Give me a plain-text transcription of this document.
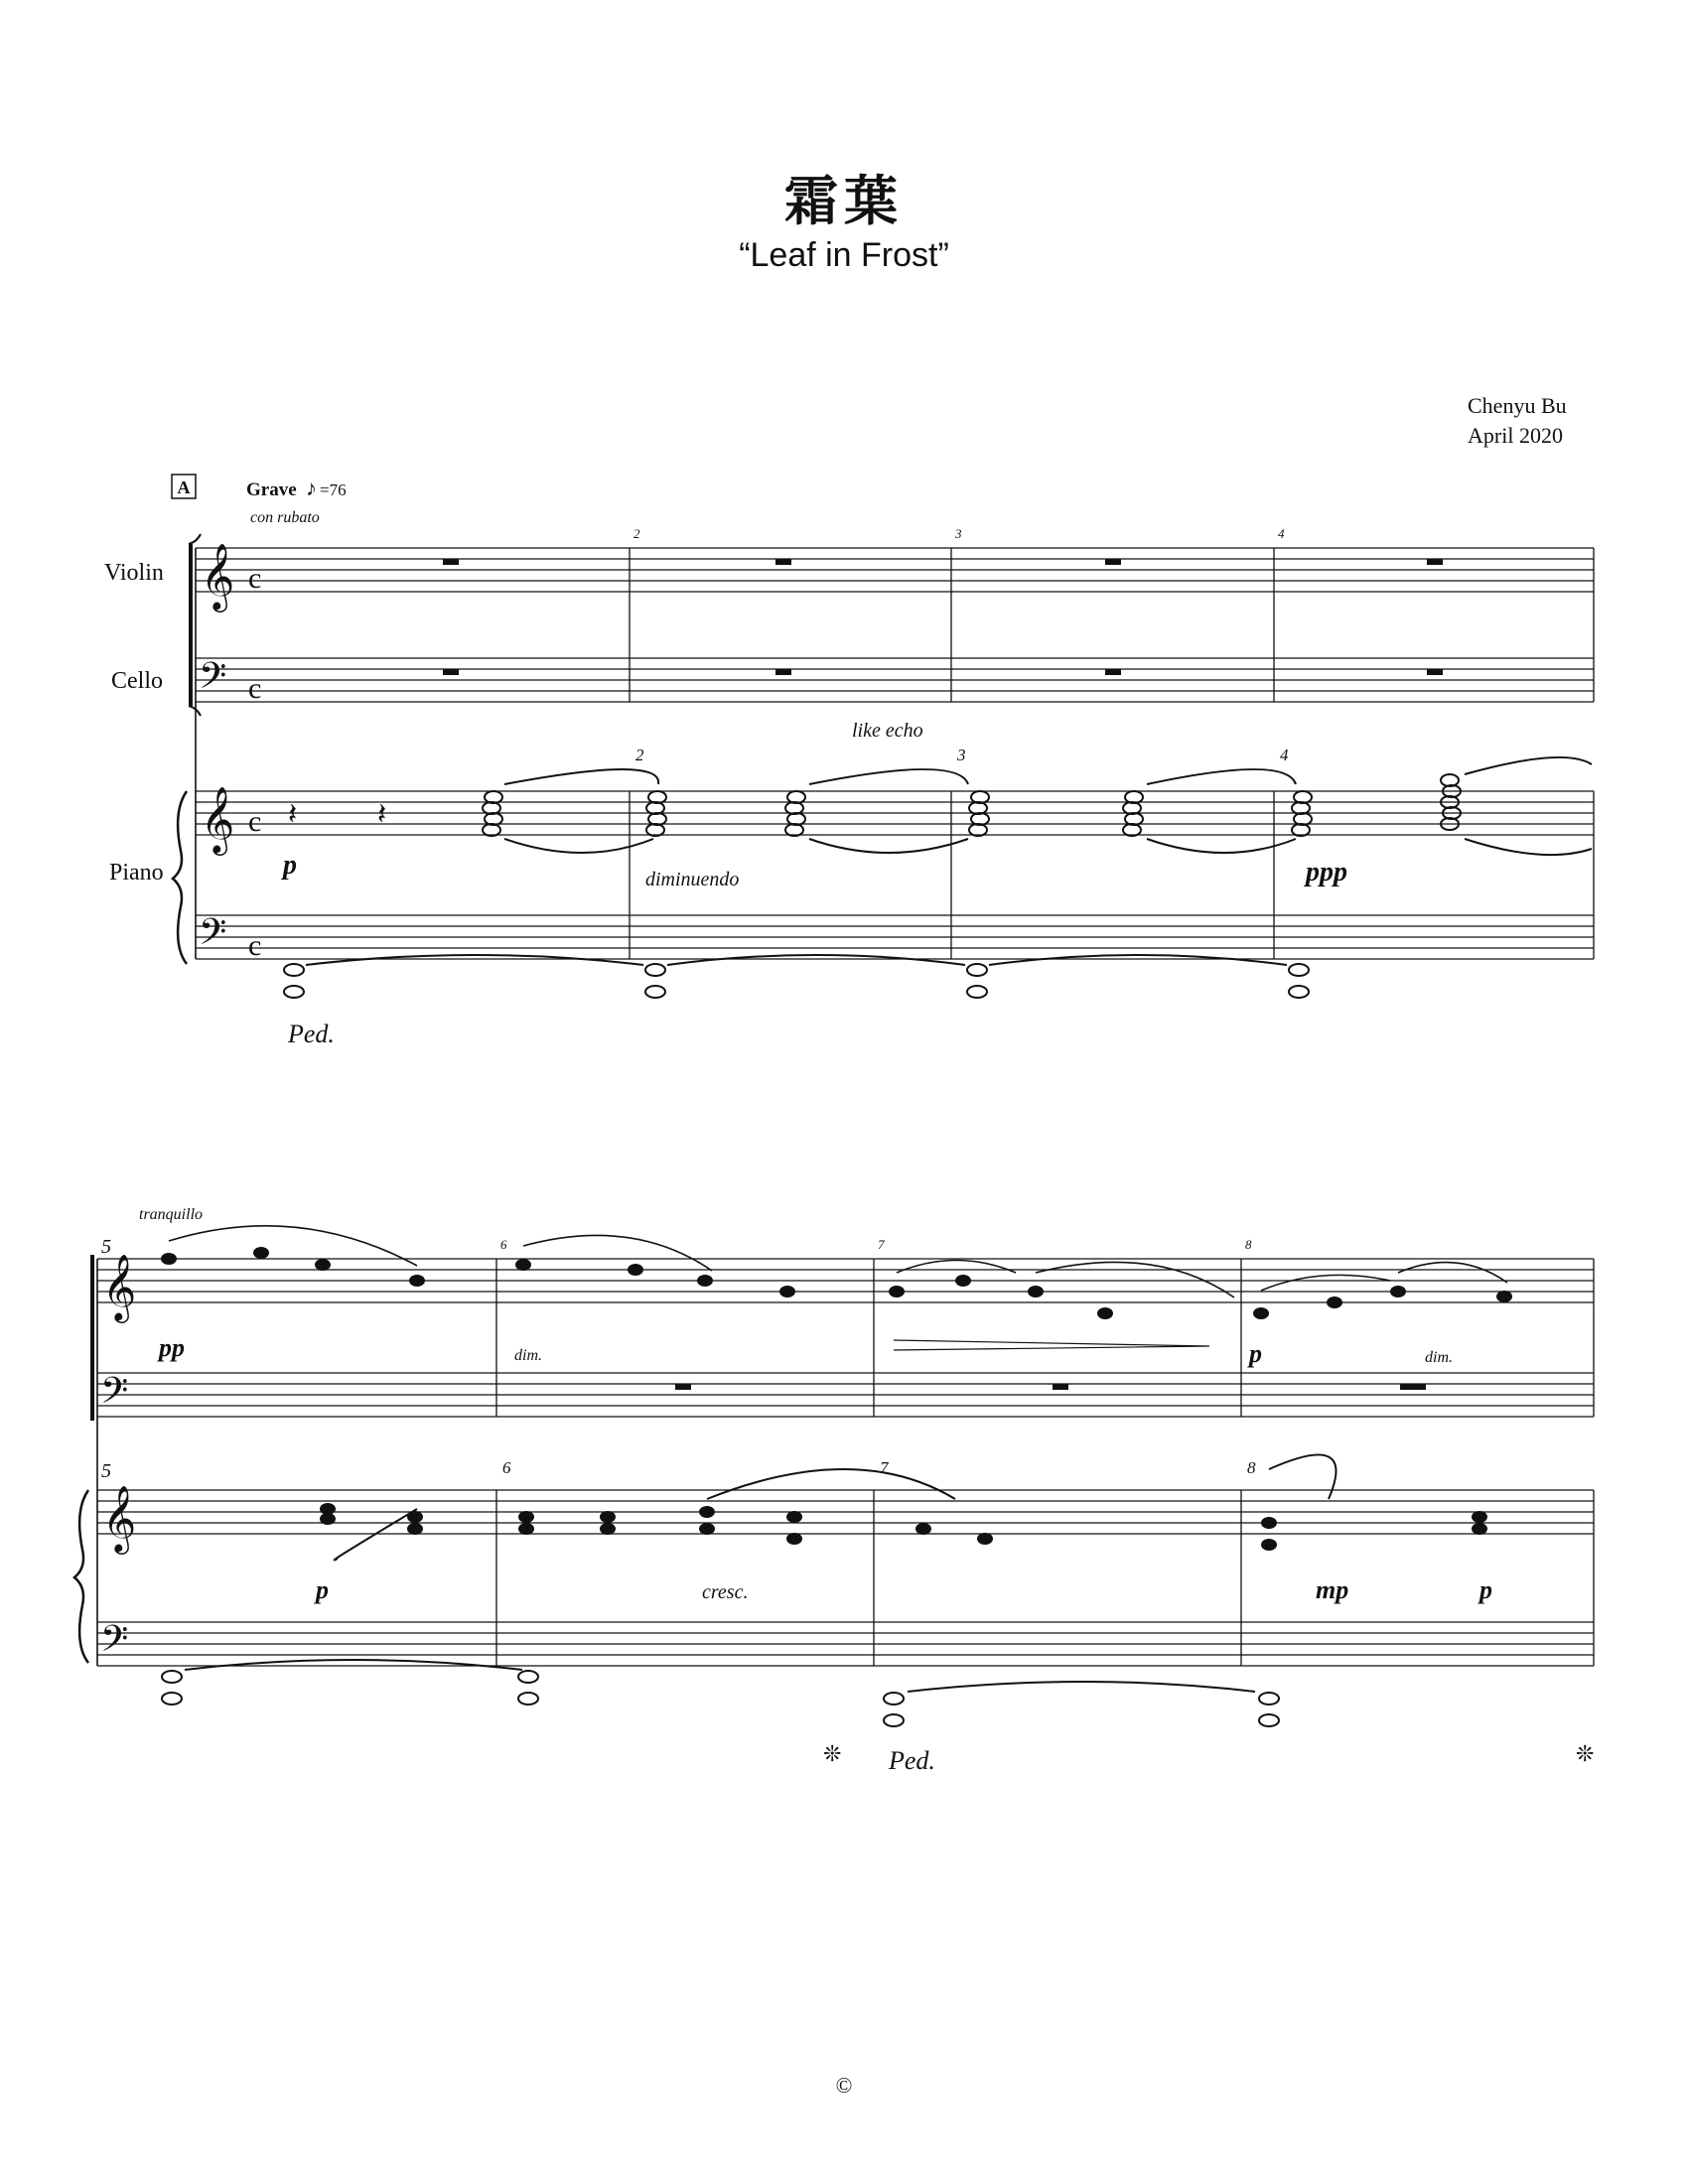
霜葉
“Leaf in Frost”
Chenyu Bu
April 2020
𝄞
𝄢
𝄞
𝄢
𝄞
𝄢
𝄞
𝄢
A	Grave ♪ =76
con rubato
Violin
Cello
Piano
c
c
c
c
2	3	4
2	3	4
𝄽	𝄽
like echo
diminuendo
p	ppp
Ped.
tranquillo
5	6	7	8
5	6	7	8
pp	dim.	p	dim.
p	cresc.	mp	p
❊ Ped.	❊
©
